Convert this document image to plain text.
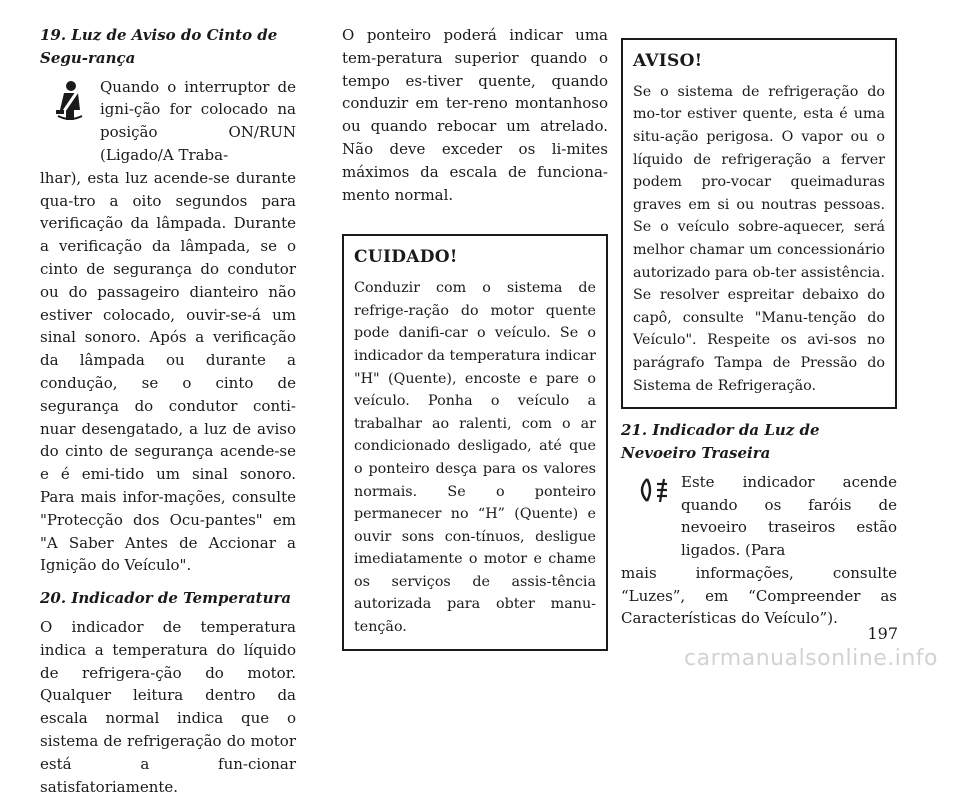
19. Luz de Aviso do Cinto de Segu-rança

Quando o interruptor de igni-ção for colocado na posição ON/RUN (Ligado/A Traba-

lhar), esta luz acende-se durante qua-tro a oito segundos para verificação da lâmpada. Durante a verificação da lâmpada, se o cinto de segurança do condutor ou do passageiro dianteiro não estiver colocado, ouvir-se-á um sinal sonoro. Após a verificação da lâmpada ou durante a condução, se o cinto de segurança do condutor conti-nuar desengatado, a luz de aviso do cinto de segurança acende-se e é emi-tido um sinal sonoro. Para mais infor-mações, consulte "Protecção dos Ocu-pantes" em "A Saber Antes de Accionar a Ignição do Veículo".

20. Indicador de Temperatura

O indicador de temperatura indica a temperatura do líquido de refrigera-ção do motor. Qualquer leitura dentro da escala normal indica que o sistema de refrigeração do motor está a fun-cionar satisfatoriamente.

O ponteiro poderá indicar uma tem-peratura superior quando o tempo es-tiver quente, quando conduzir em ter-reno montanhoso ou quando rebocar um atrelado. Não deve exceder os li-mites máximos da escala de funciona-mento normal.

CUIDADO!

Conduzir com o sistema de refrige-ração do motor quente pode danifi-car o veículo. Se o indicador da temperatura indicar "H" (Quente), encoste e pare o veículo. Ponha o veículo a trabalhar ao ralenti, com o ar condicionado desligado, até que o ponteiro desça para os valores normais. Se o ponteiro permanecer no “H” (Quente) e ouvir sons con-tínuos, desligue imediatamente o motor e chame os serviços de assis-tência autorizada para obter manu-tenção.

AVISO!

Se o sistema de refrigeração do mo-tor estiver quente, esta é uma situ-ação perigosa. O vapor ou o líquido de refrigeração a ferver podem pro-vocar queimaduras graves em si ou noutras pessoas. Se o veículo sobre-aquecer, será melhor chamar um concessionário autorizado para ob-ter assistência. Se resolver espreitar debaixo do capô, consulte "Manu-tenção do Veículo". Respeite os avi-sos no parágrafo Tampa de Pressão do Sistema de Refrigeração.

21. Indicador da Luz de Nevoeiro Traseira

Este indicador acende quando os faróis de nevoeiro traseiros estão ligados. (Para

mais informações, consulte “Luzes”, em “Compreender as Características do Veículo”).

197
carmanualsonline.info
